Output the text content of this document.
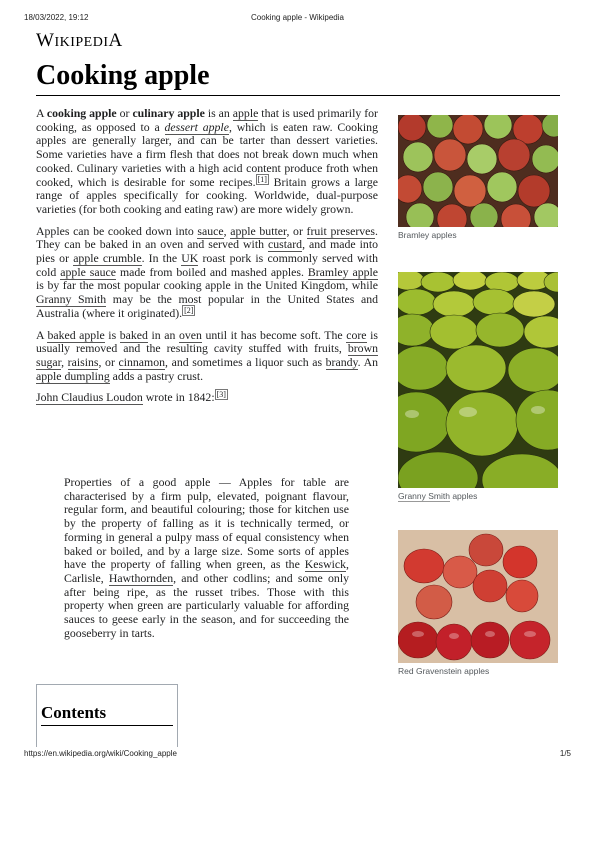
18/03/2022, 19:12	Cooking apple - Wikipedia
WIKIPEDIA
Cooking apple

A cooking apple or culinary apple is an apple that is used primarily for cooking, as opposed to a dessert apple, which is eaten raw. Cooking apples are generally larger, and can be tarter than dessert varieties. Some varieties have a firm flesh that does not break down much when cooked. Culinary varieties with a high acid content produce froth when cooked, which is desirable for some recipes. [1] Britain grows a large range of apples specifically for cooking. Worldwide, dual-purpose varieties (for both cooking and eating raw) are more widely grown.

Apples can be cooked down into sauce, apple butter, or fruit preserves. They can be baked in an oven and served with custard, and made into pies or apple crumble. In the UK roast pork is commonly served with cold apple sauce made from boiled and mashed apples. Bramley apple is by far the most popular cooking apple in the United Kingdom, while Granny Smith may be the most popular in the United States and Australia (where it originated). [2]

A baked apple is baked in an oven until it has become soft. The core is usually removed and the resulting cavity stuffed with fruits, brown sugar, raisins, or cinnamon, and sometimes a liquor such as brandy. An apple dumpling adds a pastry crust.

John Claudius Loudon wrote in 1842: [3]

Properties of a good apple — Apples for table are characterised by a firm pulp, elevated, poignant flavour, regular form, and beautiful colouring; those for kitchen use by the property of falling as it is technically termed, or forming in general a pulpy mass of equal consistency when baked or boiled, and by a large size. Some sorts of apples have the property of falling when green, as the Keswick, Carlisle, Hawthornden, and other codlins; and some only after being ripe, as the russet tribes. Those with this property when green are particularly valuable for affording sauces to geese early in the season, and for succeeding the gooseberry in tarts.
Bramley apples
Granny Smith apples
Red Gravenstein apples
Contents
https://en.wikipedia.org/wiki/Cooking_apple	1/5
